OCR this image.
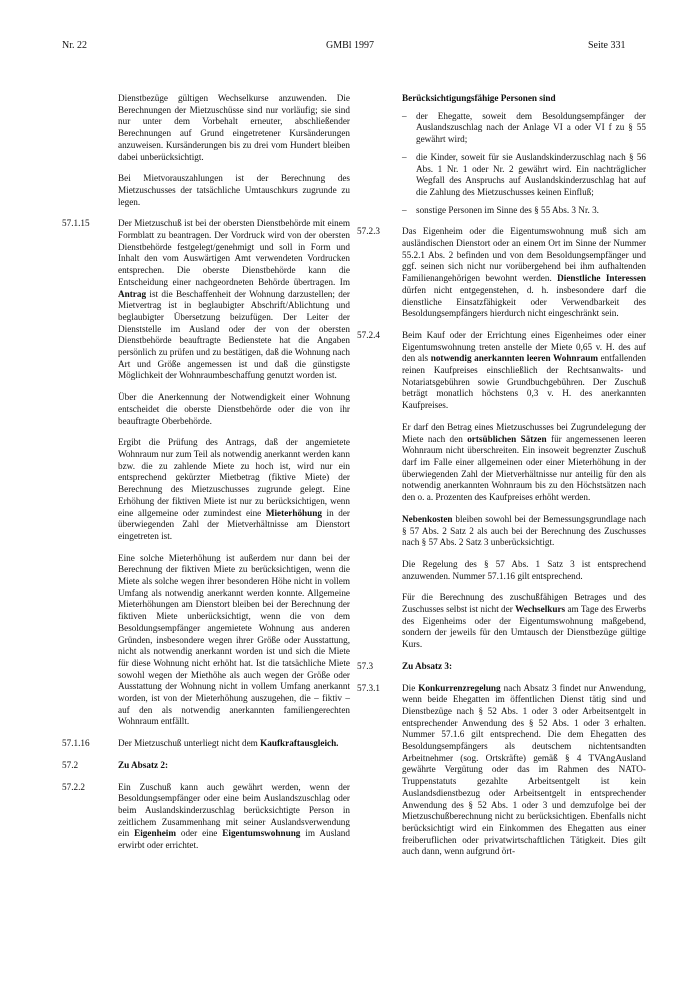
Nr. 22	GMBl 1997	Seite 331

Dienstbezüge gültigen Wechselkurse anzuwenden. Die Berechnungen der Mietzuschüsse sind nur vorläufig; sie sind nur unter dem Vorbehalt erneuter, abschließender Berechnungen auf Grund eingetretener Kursänderungen anzuweisen. Kursänderungen bis zu drei vom Hundert bleiben dabei unberücksichtigt.

Bei Mietvorauszahlungen ist der Berechnung des Mietzuschusses der tatsächliche Umtauschkurs zugrunde zu legen.

57.1.15	Der Mietzuschuß ist bei der obersten Dienstbehörde mit einem Formblatt zu beantragen. Der Vordruck wird von der obersten Dienstbehörde festgelegt/genehmigt und soll in Form und Inhalt den vom Auswärtigen Amt verwendeten Vordrucken entsprechen. Die oberste Dienstbehörde kann die Entscheidung einer nachgeordneten Behörde übertragen. Im Antrag ist die Beschaffenheit der Wohnung darzustellen; der Mietvertrag ist in beglaubigter Abschrift/Ablichtung und beglaubigter Übersetzung beizufügen. Der Leiter der Dienststelle im Ausland oder der von der obersten Dienstbehörde beauftragte Bedienstete hat die Angaben persönlich zu prüfen und zu bestätigen, daß die Wohnung nach Art und Größe angemessen ist und daß die günstigste Möglichkeit der Wohnraumbeschaffung genutzt worden ist.

Über die Anerkennung der Notwendigkeit einer Wohnung entscheidet die oberste Dienstbehörde oder die von ihr beauftragte Oberbehörde.

Ergibt die Prüfung des Antrags, daß der angemietete Wohnraum nur zum Teil als notwendig anerkannt werden kann bzw. die zu zahlende Miete zu hoch ist, wird nur ein entsprechend gekürzter Mietbetrag (fiktive Miete) der Berechnung des Mietzuschusses zugrunde gelegt. Eine Erhöhung der fiktiven Miete ist nur zu berücksichtigen, wenn eine allgemeine oder zumindest eine Mieterhöhung in der überwiegenden Zahl der Mietverhältnisse am Dienstort eingetreten ist.

Eine solche Mieterhöhung ist außerdem nur dann bei der Berechnung der fiktiven Miete zu berücksichtigen, wenn die Miete als solche wegen ihrer besonderen Höhe nicht in vollem Umfang als notwendig anerkannt werden konnte. Allgemeine Mieterhöhungen am Dienstort bleiben bei der Berechnung der fiktiven Miete unberücksichtigt, wenn die von dem Besoldungsempfänger angemietete Wohnung aus anderen Gründen, insbesondere wegen ihrer Größe oder Ausstattung, nicht als notwendig anerkannt worden ist und sich die Miete für diese Wohnung nicht erhöht hat. Ist die tatsächliche Miete sowohl wegen der Miethöhe als auch wegen der Größe oder Ausstattung der Wohnung nicht in vollem Umfang anerkannt worden, ist von der Mieterhöhung auszugehen, die – fiktiv – auf den als notwendig anerkannten familiengerechten Wohnraum entfällt.

57.1.16	Der Mietzuschuß unterliegt nicht dem Kaufkraftausgleich.

57.2	Zu Absatz 2:
57.2.2	Ein Zuschuß kann auch gewährt werden, wenn der Besoldungsempfänger oder eine beim Auslandszuschlag oder beim Auslandskinderzuschlag berücksichtigte Person in zeitlichem Zusammenhang mit seiner Auslandsverwendung ein Eigenheim oder eine Eigentumswohnung im Ausland erwirbt oder errichtet.

Berücksichtigungsfähige Personen sind

–	der Ehegatte, soweit dem Besoldungsempfänger der Auslandszuschlag nach der Anlage VI a oder VI f zu § 55 gewährt wird;
–	die Kinder, soweit für sie Auslandskinderzuschlag nach § 56 Abs. 1 Nr. 1 oder Nr. 2 gewährt wird. Ein nachträglicher Wegfall des Anspruchs auf Auslandskinderzuschlag hat auf die Zahlung des Mietzuschusses keinen Einfluß;
–	sonstige Personen im Sinne des § 55 Abs. 3 Nr. 3.
57.2.3	Das Eigenheim oder die Eigentumswohnung muß sich am ausländischen Dienstort oder an einem Ort im Sinne der Nummer 55.2.1 Abs. 2 befinden und von dem Besoldungsempfänger und ggf. seinen sich nicht nur vorübergehend bei ihm aufhaltenden Familienangehörigen bewohnt werden. Dienstliche Interessen dürfen nicht entgegenstehen, d. h. insbesondere darf die dienstliche Einsatzfähigkeit oder Verwendbarkeit des Besoldungsempfängers hierdurch nicht eingeschränkt sein.

57.2.4	Beim Kauf oder der Errichtung eines Eigenheimes oder einer Eigentumswohnung treten anstelle der Miete 0,65 v. H. des auf den als notwendig anerkannten leeren Wohnraum entfallenden reinen Kaufpreises einschließlich der Rechtsanwalts- und Notariatsgebühren sowie Grundbuchgebühren. Der Zuschuß beträgt monatlich höchstens 0,3 v. H. des anerkannten Kaufpreises.

Er darf den Betrag eines Mietzuschusses bei Zugrundelegung der Miete nach den ortsüblichen Sätzen für angemessenen leeren Wohnraum nicht überschreiten. Ein insoweit begrenzter Zuschuß darf im Falle einer allgemeinen oder einer Mieterhöhung in der überwiegenden Zahl der Mietverhältnisse nur anteilig für den als notwendig anerkannten Wohnraum bis zu den Höchstsätzen nach den o. a. Prozenten des Kaufpreises erhöht werden.

Nebenkosten bleiben sowohl bei der Bemessungsgrundlage nach § 57 Abs. 2 Satz 2 als auch bei der Berechnung des Zuschusses nach § 57 Abs. 2 Satz 3 unberücksichtigt.

Die Regelung des § 57 Abs. 1 Satz 3 ist entsprechend anzuwenden. Nummer 57.1.16 gilt entsprechend.

Für die Berechnung des zuschußfähigen Betrages und des Zuschusses selbst ist nicht der Wechselkurs am Tage des Erwerbs des Eigenheims oder der Eigentumswohnung maßgebend, sondern der jeweils für den Umtausch der Dienstbezüge gültige Kurs.

57.3	Zu Absatz 3:
57.3.1	Die Konkurrenzregelung nach Absatz 3 findet nur Anwendung, wenn beide Ehegatten im öffentlichen Dienst tätig sind und Dienstbezüge nach § 52 Abs. 1 oder 3 oder Arbeitsentgelt in entsprechender Anwendung des § 52 Abs. 1 oder 3 erhalten. Nummer 57.1.6 gilt entsprechend. Die dem Ehegatten des Besoldungsempfängers als deutschem nichtentsandten Arbeitnehmer (sog. Ortskräfte) gemäß § 4 TVAngAusland gewährte Vergütung oder das im Rahmen des NATO-Truppenstatuts gezahlte Arbeitsentgelt ist kein Auslandsdienstbezug oder Arbeitsentgelt in entsprechender Anwendung des § 52 Abs. 1 oder 3 und demzufolge bei der Mietzuschußberechnung nicht zu berücksichtigen. Ebenfalls nicht berücksichtigt wird ein Einkommen des Ehegatten aus einer freiberuflichen oder privatwirtschaftlichen Tätigkeit. Dies gilt auch dann, wenn aufgrund ört-
